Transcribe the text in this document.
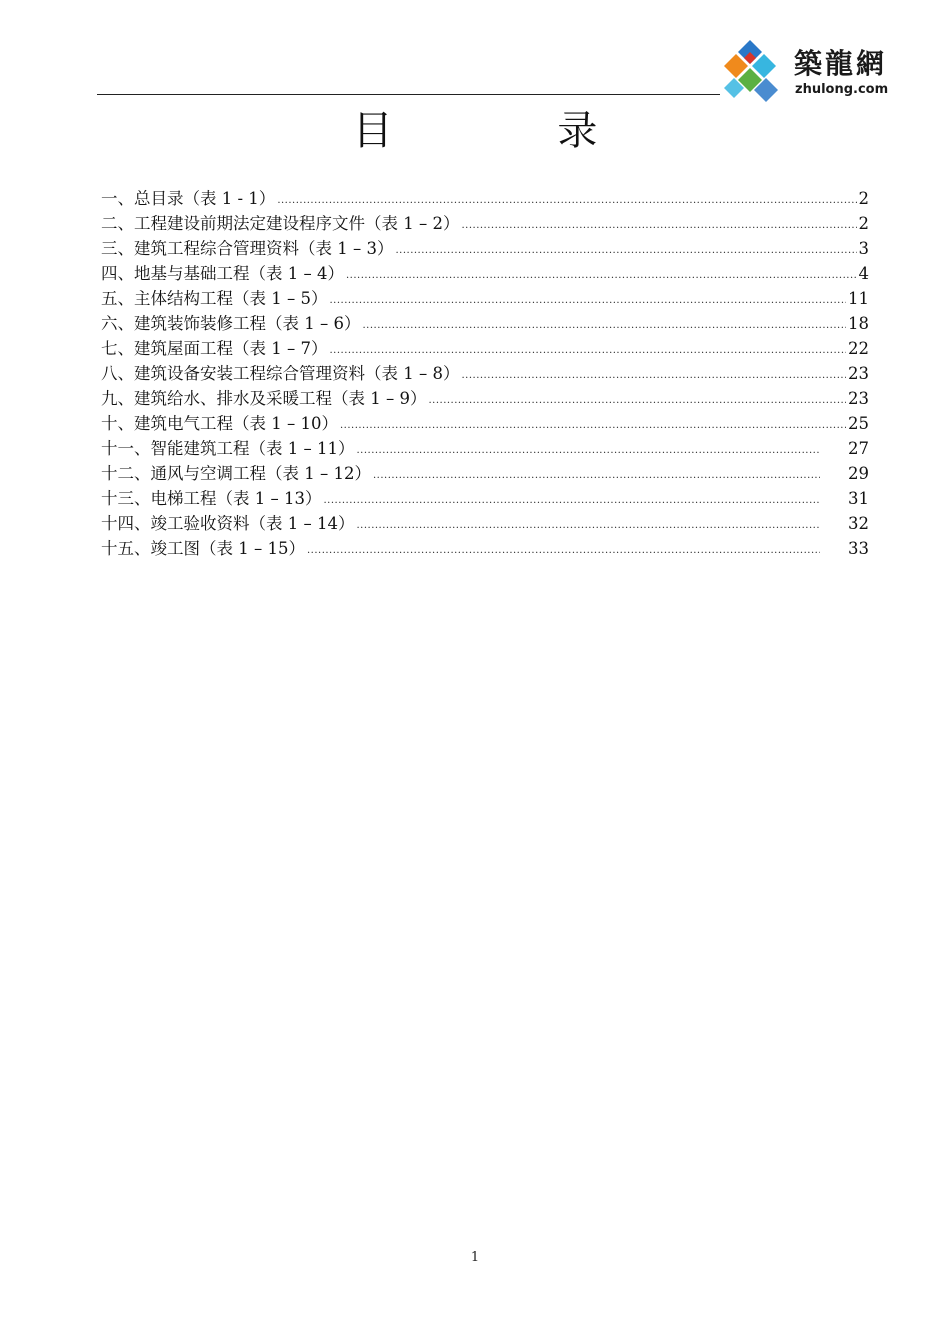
築龍網
zhulong.com
目 录
一、总目录（表 1 - 1） .....	2
二、工程建设前期法定建设程序文件（表 1 – 2） .....	2
三、建筑工程综合管理资料（表 1 – 3） .....	3
四、地基与基础工程（表 1 – 4） .....	4
五、主体结构工程（表 1 – 5） .....	11
六、建筑装饰装修工程（表 1 – 6） .....	18
七、建筑屋面工程（表 1 – 7） .....	22
八、建筑设备安装工程综合管理资料（表 1 – 8） .....	23
九、建筑给水、排水及采暖工程（表 1 – 9） .....	23
十、建筑电气工程（表 1 – 10） .....	25
十一、智能建筑工程（表 1 – 11） .....	27
十二、通风与空调工程（表 1 – 12） .....	29
十三、电梯工程（表 1 – 13） .....	31
十四、竣工验收资料（表 1 – 14） .....	32
十五、竣工图（表 1 – 15） .....	33
1
